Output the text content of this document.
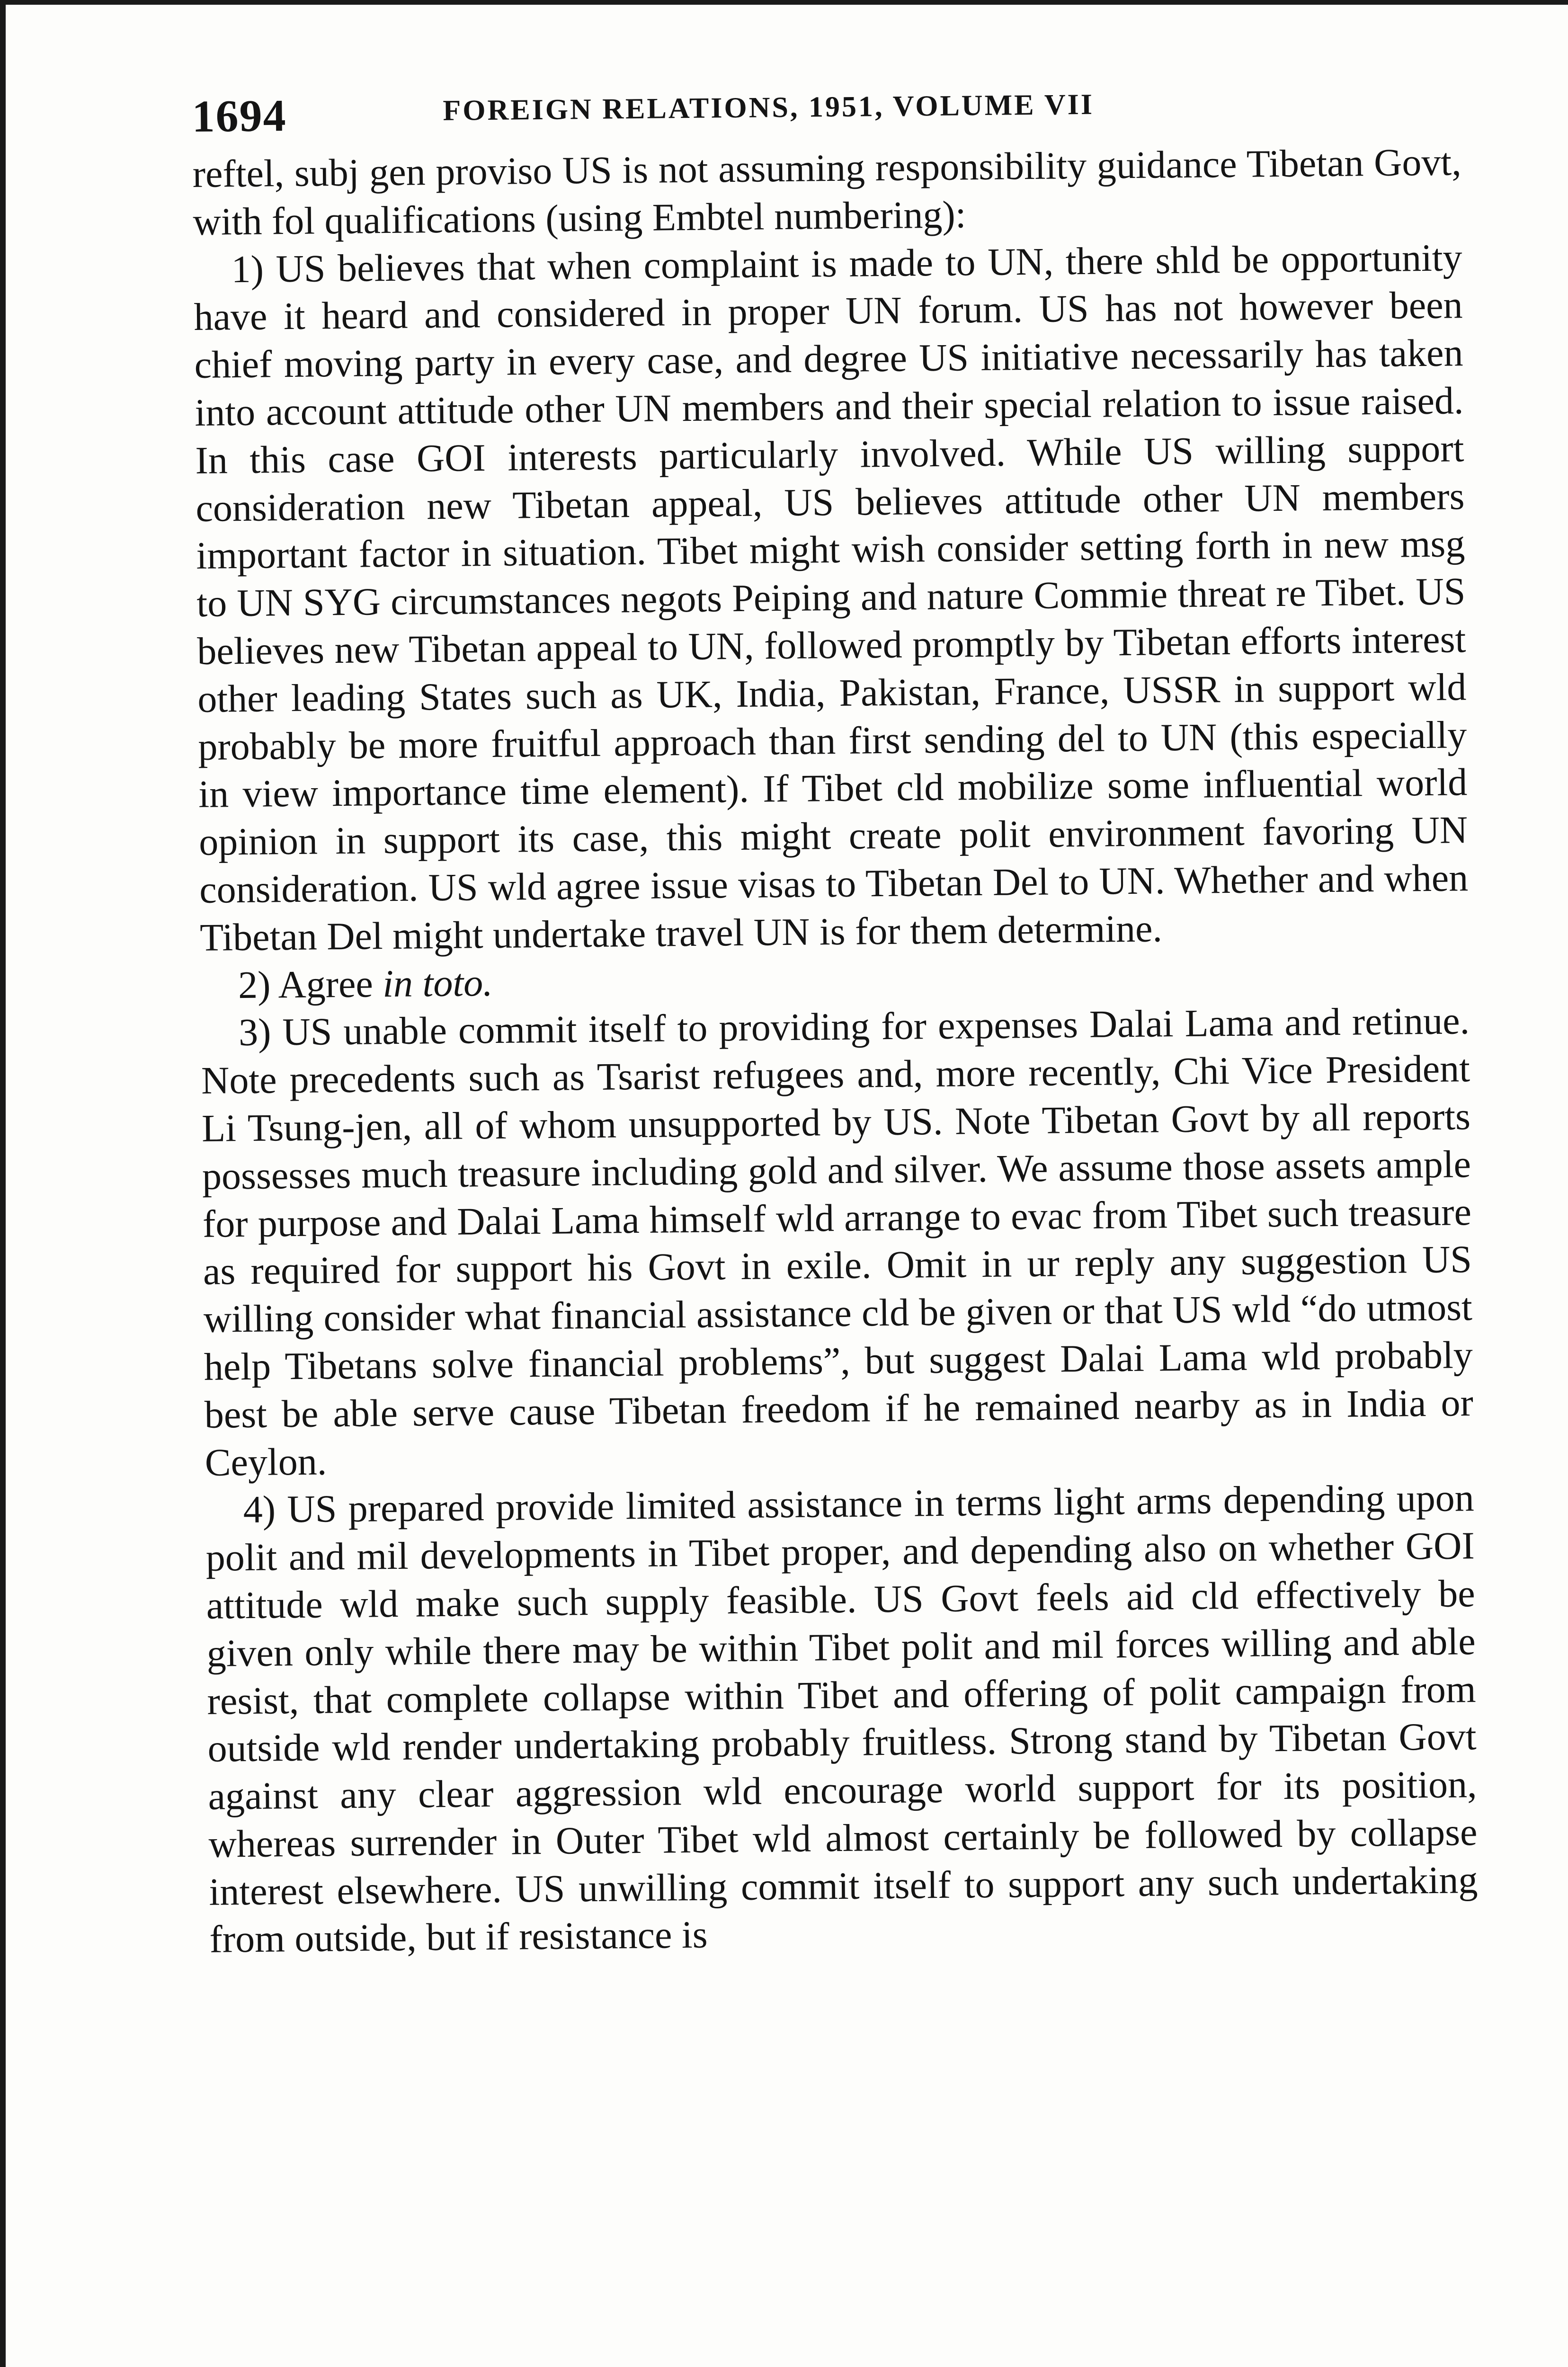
1694	FOREIGN RELATIONS, 1951, VOLUME VII

reftel, subj gen proviso US is not assuming responsibility guidance Tibetan Govt, with fol qualifications (using Embtel numbering):

1) US believes that when complaint is made to UN, there shld be opportunity have it heard and considered in proper UN forum. US has not however been chief moving party in every case, and degree US initiative necessarily has taken into account attitude other UN members and their special relation to issue raised. In this case GOI interests particularly involved. While US willing support consideration new Tibetan appeal, US believes attitude other UN members important factor in situation. Tibet might wish consider setting forth in new msg to UN SYG circumstances negots Peiping and nature Commie threat re Tibet. US believes new Tibetan appeal to UN, followed promptly by Tibetan efforts interest other leading States such as UK, India, Pakistan, France, USSR in support wld probably be more fruitful approach than first sending del to UN (this especially in view importance time element). If Tibet cld mobilize some influential world opinion in support its case, this might create polit environment favoring UN consideration. US wld agree issue visas to Tibetan Del to UN. Whether and when Tibetan Del might undertake travel UN is for them determine.

2) Agree in toto.

3) US unable commit itself to providing for expenses Dalai Lama and retinue. Note precedents such as Tsarist refugees and, more recently, Chi Vice President Li Tsung-jen, all of whom unsupported by US. Note Tibetan Govt by all reports possesses much treasure including gold and silver. We assume those assets ample for purpose and Dalai Lama himself wld arrange to evac from Tibet such treasure as required for support his Govt in exile. Omit in ur reply any suggestion US willing consider what financial assistance cld be given or that US wld “do utmost help Tibetans solve financial problems”, but suggest Dalai Lama wld probably best be able serve cause Tibetan freedom if he remained nearby as in India or Ceylon.

4) US prepared provide limited assistance in terms light arms depending upon polit and mil developments in Tibet proper, and depending also on whether GOI attitude wld make such supply feasible. US Govt feels aid cld effectively be given only while there may be within Tibet polit and mil forces willing and able resist, that complete collapse within Tibet and offering of polit campaign from outside wld render undertaking probably fruitless. Strong stand by Tibetan Govt against any clear aggression wld encourage world support for its position, whereas surrender in Outer Tibet wld almost certainly be followed by collapse interest elsewhere. US unwilling commit itself to support any such undertaking from outside, but if resistance is
